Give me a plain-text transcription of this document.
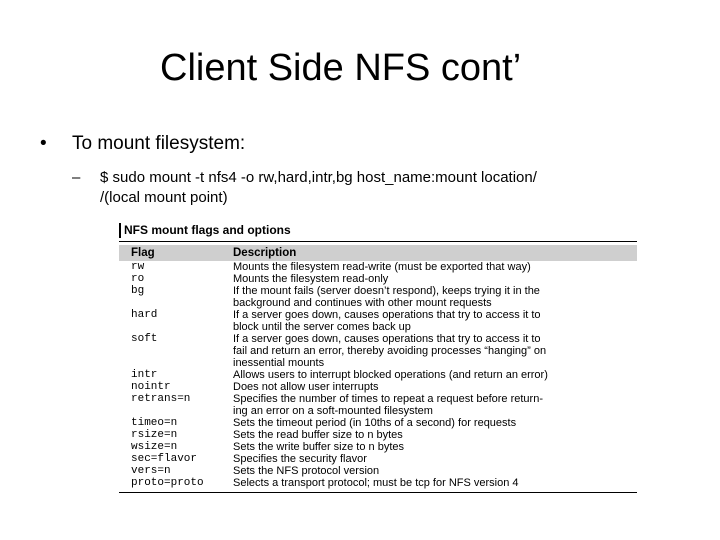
Client Side NFS cont’
• To mount filesystem:
– $ sudo mount -t nfs4 -o rw,hard,intr,bg host_name:mount location/
/(local mount point)
NFS mount flags and options
Flag	Description
rw	Mounts the filesystem read-write (must be exported that way)

ro	Mounts the filesystem read-only

bg	If the mount fails (server doesn’t respond), keeps trying it in the
background and continues with other mount requests

hard	If a server goes down, causes operations that try to access it to
block until the server comes back up

soft	If a server goes down, causes operations that try to access it to
fail and return an error, thereby avoiding processes “hanging” on
inessential mounts

intr	Allows users to interrupt blocked operations (and return an error)

nointr	Does not allow user interrupts

retrans=n	Specifies the number of times to repeat a request before return-
ing an error on a soft-mounted filesystem

timeo=n	Sets the timeout period (in 10ths of a second) for requests

rsize=n	Sets the read buffer size to n bytes

wsize=n	Sets the write buffer size to n bytes

sec=flavor	Specifies the security flavor

vers=n	Sets the NFS protocol version

proto=proto	Selects a transport protocol; must be tcp for NFS version 4
